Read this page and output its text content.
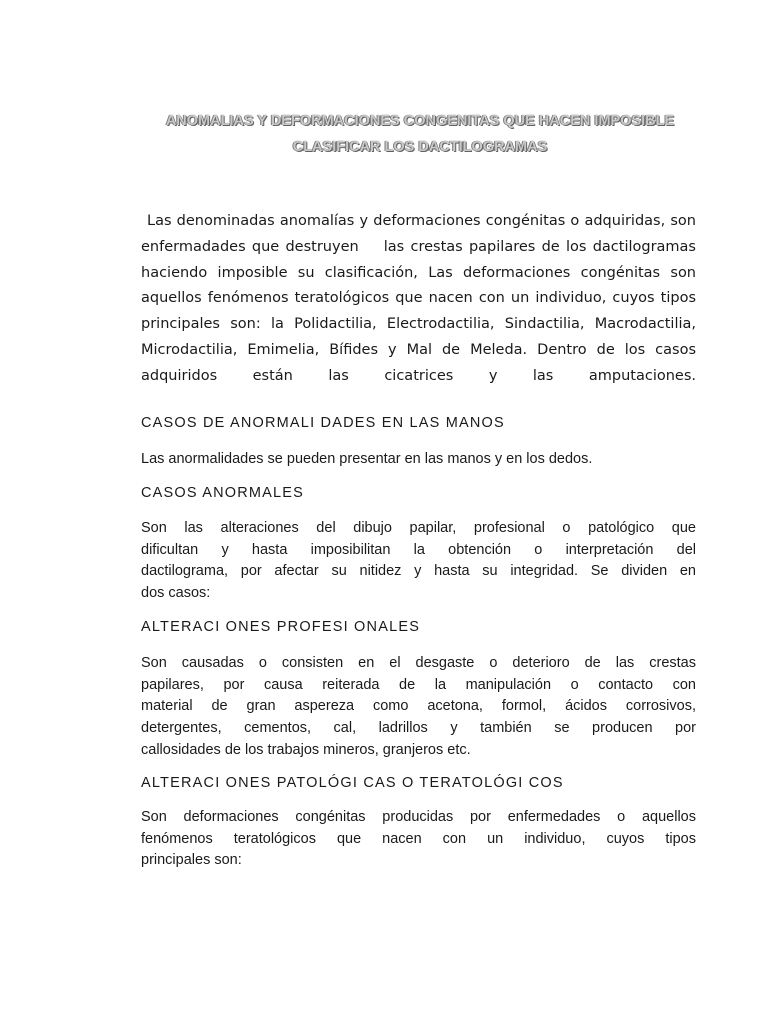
ANOMALIAS Y DEFORMACIONES CONGENITAS QUE HACEN IMPOSIBLE
CLASIFICAR LOS DACTILOGRAMAS
Las denominadas anomalías y deformaciones congénitas o adquiridas, son
enfermadades que destruyen    las crestas papilares de los dactilogramas
haciendo imposible su clasificación, Las deformaciones congénitas son
aquellos fenómenos teratológicos que nacen con un individuo, cuyos tipos
principales son: la Polidactilia, Electrodactilia, Sindactilia, Macrodactilia,
Microdactilia, Emimelia, Bífides y Mal de Meleda. Dentro de los casos
adquiridos están las cicatrices y las amputaciones.
CASOS DE ANORMALI DADES EN LAS MANOS
Las anormalidades se pueden presentar en las manos y en los dedos.
CASOS ANORMALES
Son las alteraciones del dibujo papilar, profesional o patológico que
dificultan y hasta imposibilitan la obtención o interpretación del
dactilograma, por afectar su nitidez y hasta su integridad. Se dividen en
dos casos:
ALTERACI ONES PROFESI ONALES
Son causadas o consisten en el desgaste o deterioro de las crestas
papilares, por causa reiterada de la manipulación o contacto con
material de gran aspereza como acetona, formol, ácidos corrosivos,
detergentes, cementos, cal, ladrillos y también se producen por
callosidades de los trabajos mineros, granjeros etc.
ALTERACI ONES PATOLÓGI CAS O TERATOLÓGI COS
Son deformaciones congénitas producidas por enfermedades o aquellos
fenómenos teratológicos que nacen con un individuo, cuyos tipos
principales son:
